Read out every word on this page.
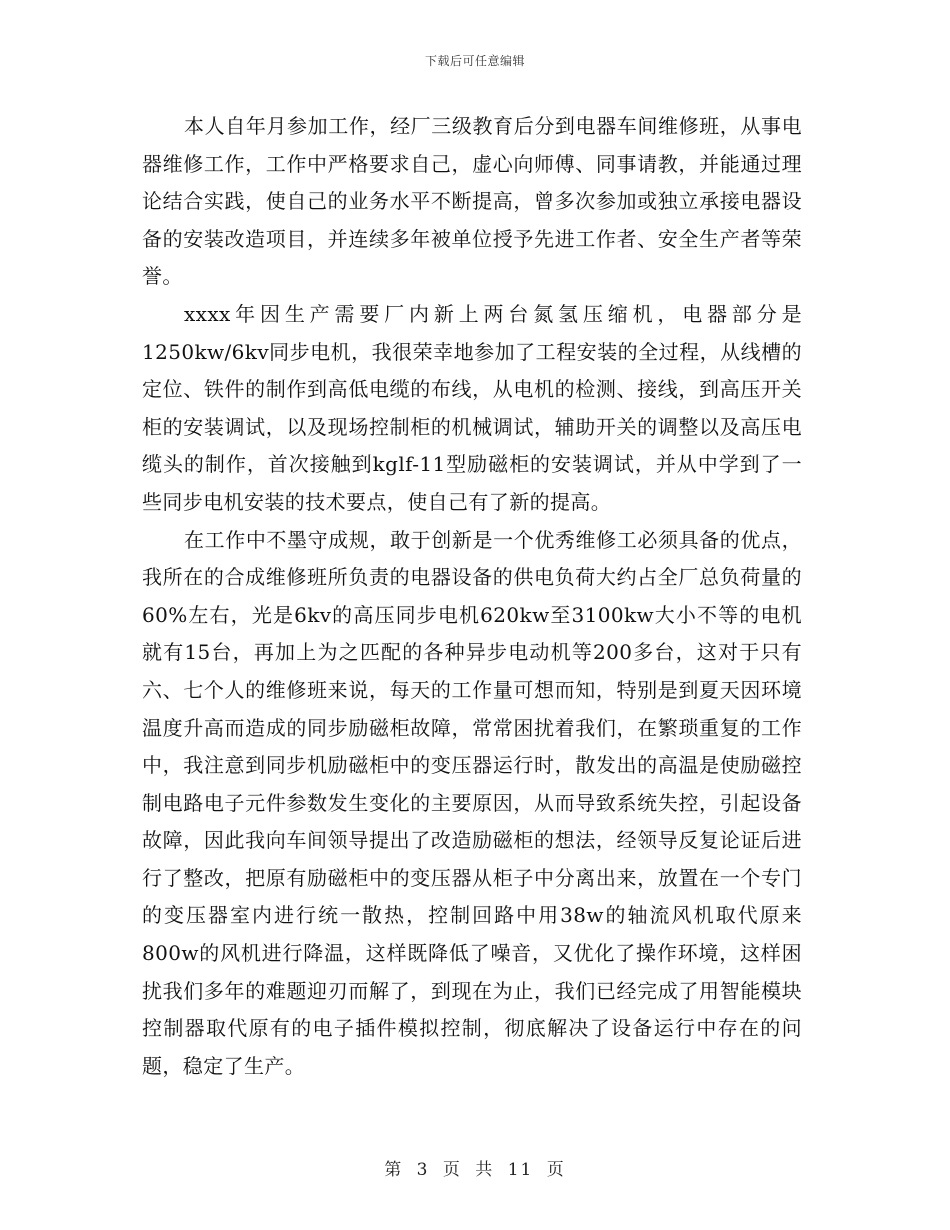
下载后可任意编辑

本人自年月参加工作，经厂三级教育后分到电器车间维修班，从事电器维修工作，工作中严格要求自己，虚心向师傅、同事请教，并能通过理论结合实践，使自己的业务水平不断提高，曾多次参加或独立承接电器设备的安装改造项目，并连续多年被单位授予先进工作者、安全生产者等荣誉。

xxxx年因生产需要厂内新上两台氮氢压缩机，电器部分是1250kw/6kv同步电机，我很荣幸地参加了工程安装的全过程，从线槽的定位、铁件的制作到高低电缆的布线，从电机的检测、接线，到高压开关柜的安装调试，以及现场控制柜的机械调试，辅助开关的调整以及高压电缆头的制作，首次接触到kglf-11型励磁柜的安装调试，并从中学到了一些同步电机安装的技术要点，使自己有了新的提高。

在工作中不墨守成规，敢于创新是一个优秀维修工必须具备的优点，我所在的合成维修班所负责的电器设备的供电负荷大约占全厂总负荷量的60%左右，光是6kv的高压同步电机620kw至3100kw大小不等的电机就有15台，再加上为之匹配的各种异步电动机等200多台，这对于只有六、七个人的维修班来说，每天的工作量可想而知，特别是到夏天因环境温度升高而造成的同步励磁柜故障，常常困扰着我们，在繁琐重复的工作中，我注意到同步机励磁柜中的变压器运行时，散发出的高温是使励磁控制电路电子元件参数发生变化的主要原因，从而导致系统失控，引起设备故障，因此我向车间领导提出了改造励磁柜的想法，经领导反复论证后进行了整改，把原有励磁柜中的变压器从柜子中分离出来，放置在一个专门的变压器室内进行统一散热，控制回路中用38w的轴流风机取代原来800w的风机进行降温，这样既降低了噪音，又优化了操作环境，这样困扰我们多年的难题迎刃而解了，到现在为止，我们已经完成了用智能模块控制器取代原有的电子插件模拟控制，彻底解决了设备运行中存在的问题，稳定了生产。

第 3 页 共 11 页
